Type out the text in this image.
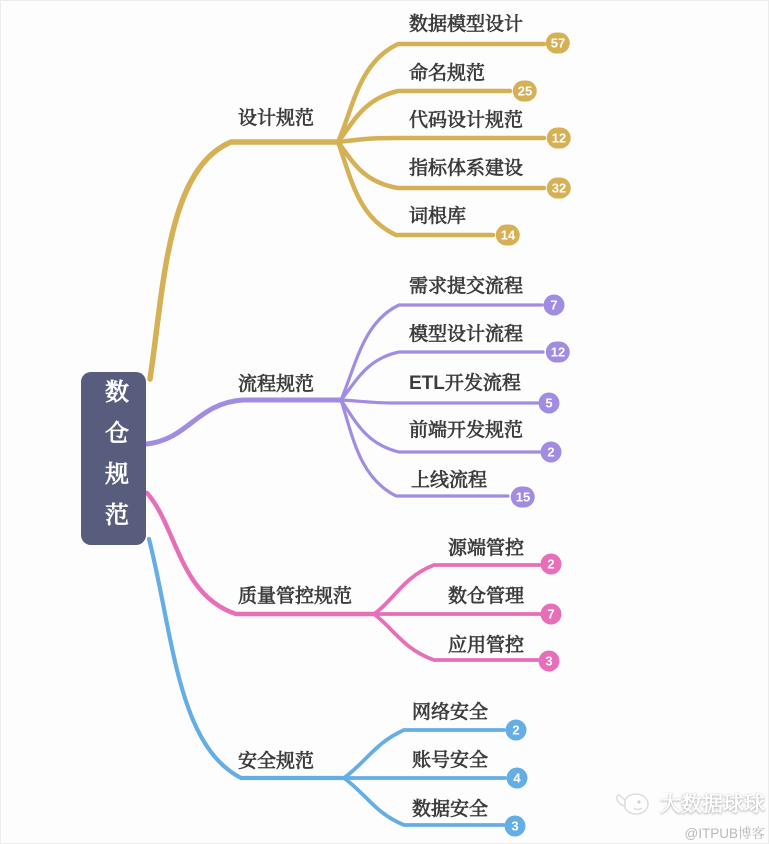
数仓规范
设计规范
流程规范
质量管控规范
安全规范
数据模型设计
57
命名规范
25
代码设计规范
12
指标体系建设
32
词根库
14
需求提交流程
7
模型设计流程
12
ETL开发流程
5
前端开发规范
2
上线流程
15
源端管控
2
数仓管理
7
应用管控
3
网络安全
2
账号安全
4
数据安全
3
大数据球球
@ITPUB博客
